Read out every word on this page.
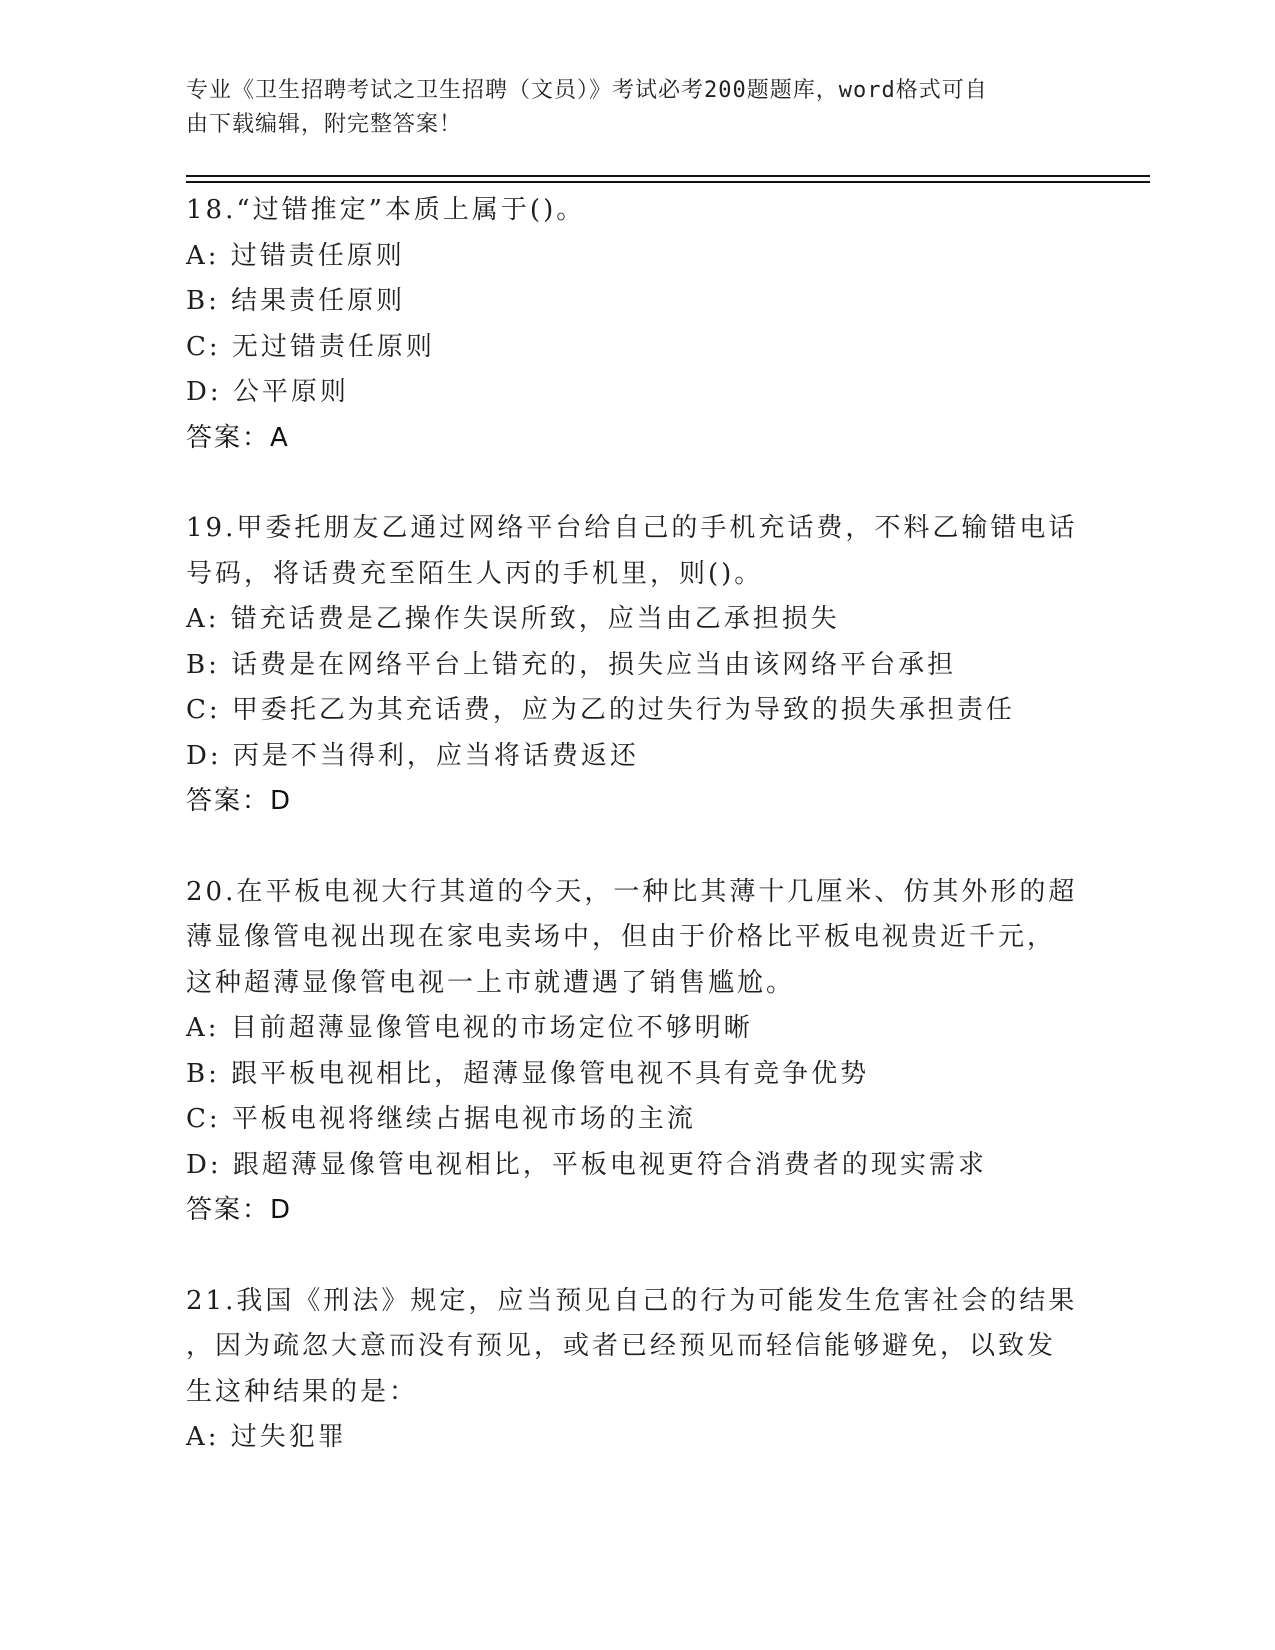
专业《卫生招聘考试之卫生招聘（文员）》考试必考200题题库，word格式可自
由下载编辑，附完整答案！
18.“过错推定”本质上属于()。
A: 过错责任原则
B: 结果责任原则
C: 无过错责任原则
D: 公平原则
答案：A
19.甲委托朋友乙通过网络平台给自己的手机充话费，不料乙输错电话
号码，将话费充至陌生人丙的手机里，则()。
A: 错充话费是乙操作失误所致，应当由乙承担损失
B: 话费是在网络平台上错充的，损失应当由该网络平台承担
C: 甲委托乙为其充话费，应为乙的过失行为导致的损失承担责任
D: 丙是不当得利，应当将话费返还
答案：D
20.在平板电视大行其道的今天，一种比其薄十几厘米、仿其外形的超
薄显像管电视出现在家电卖场中，但由于价格比平板电视贵近千元，
这种超薄显像管电视一上市就遭遇了销售尴尬。
A: 目前超薄显像管电视的市场定位不够明晰
B: 跟平板电视相比，超薄显像管电视不具有竞争优势
C: 平板电视将继续占据电视市场的主流
D: 跟超薄显像管电视相比，平板电视更符合消费者的现实需求
答案：D
21.我国《刑法》规定，应当预见自己的行为可能发生危害社会的结果
，因为疏忽大意而没有预见，或者已经预见而轻信能够避免，以致发
生这种结果的是：
A: 过失犯罪
